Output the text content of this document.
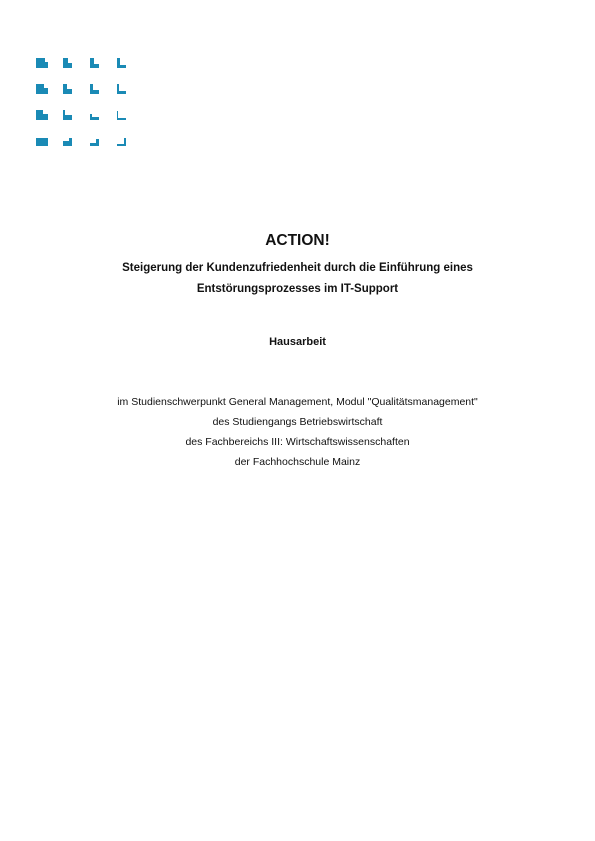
ACTION!
Steigerung der Kundenzufriedenheit durch die Einführung eines
Entstörungsprozesses im IT-Support
Hausarbeit
im Studienschwerpunkt General Management, Modul "Qualitätsmanagement"
des Studiengangs Betriebswirtschaft
des Fachbereichs III: Wirtschaftswissenschaften
der Fachhochschule Mainz
